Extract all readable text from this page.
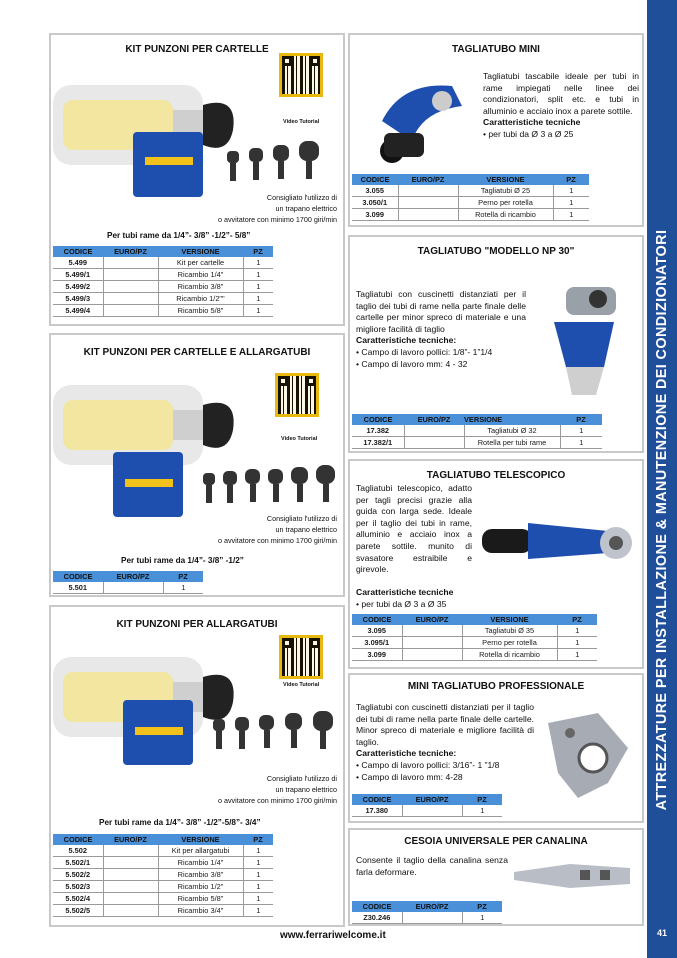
ATTREZZATURE PER INSTALLAZIONE & MANUTENZIONE DEI CONDIZIONATORI
41
KIT PUNZONI PER CARTELLE
Video Tutorial
Consigliato l'utilizzo di
un trapano elettrico
o avvitatore con minimo 1700 giri/min
Per tubi rame da 1/4”- 3/8” -1/2”- 5/8”
CODICE	EURO/PZ	VERSIONE	PZ
5.499		Kit per cartelle	1
5.499/1		Ricambio 1/4"	1
5.499/2		Ricambio 3/8"	1
5.499/3		Ricambio 1/2""	1
5.499/4		Ricambio 5/8"	1
KIT PUNZONI PER CARTELLE E ALLARGATUBI
Video Tutorial
Consigliato l'utilizzo di
un trapano elettrico
o avvitatore con minimo 1700 giri/min
Per tubi rame da 1/4”- 3/8” -1/2”
CODICE	EURO/PZ	PZ
5.501		1
KIT PUNZONI PER ALLARGATUBI
Video Tutorial
Consigliato l'utilizzo di
un trapano elettrico
o avvitatore con minimo 1700 giri/min
Per tubi rame da 1/4”- 3/8” -1/2”-5/8”- 3/4”
CODICE	EURO/PZ	VERSIONE	PZ
5.502		Kit per allargatubi	1
5.502/1		Ricambio 1/4"	1
5.502/2		Ricambio 3/8"	1
5.502/3		Ricambio 1/2"	1
5.502/4		Ricambio 5/8"	1
5.502/5		Ricambio 3/4"	1
TAGLIATUBO MINI
Tagliatubi tascabile ideale per tubi in rame impiegati nelle linee dei condizionatori, split etc. e tubi in alluminio e acciaio inox a parete sottile.
Caratteristiche tecniche
• per tubi da Ø 3 a Ø 25
CODICE	EURO/PZ	VERSIONE	PZ
3.055		Tagliatubi Ø 25	1
3.050/1		Perno per rotella	1
3.099		Rotella di ricambio	1
TAGLIATUBO "MODELLO NP 30"
Tagliatubi con cuscinetti distanziati per il taglio dei tubi di rame nella parte finale delle cartelle per minor spreco di materiale e una migliore facilità di taglio
Caratteristiche tecniche:
• Campo di lavoro pollici: 1/8”- 1”1/4
• Campo di lavoro mm: 4 - 32
CODICE	EURO/PZ	VERSIONE	PZ
17.382		Tagliatubi Ø 32	1
17.382/1		Rotella per tubi rame	1
TAGLIATUBO TELESCOPICO
Tagliatubi telescopico, adatto per tagli precisi grazie alla guida con larga sede. Ideale per il taglio dei tubi in rame, alluminio e acciaio inox a parete sottile. munito di svasatore estraibile e girevole.
Caratteristiche tecniche
• per tubi da Ø 3 a Ø 35
CODICE	EURO/PZ	VERSIONE	PZ
3.095		Tagliatubi Ø 35	1
3.095/1		Perno per rotella	1
3.099		Rotella di ricambio	1
MINI TAGLIATUBO PROFESSIONALE
Tagliatubi con cuscinetti distanziati per il taglio dei tubi di rame nella parte finale delle cartelle. Minor spreco di materiale e migliore facilità di taglio.
Caratteristiche tecniche:
• Campo di lavoro pollici: 3/16”- 1 ”1/8
• Campo di lavoro mm: 4-28
CODICE	EURO/PZ	PZ
17.380		1
CESOIA UNIVERSALE PER CANALINA
Consente il taglio della canalina senza farla deformare.
CODICE	EURO/PZ	PZ
Z30.246		1
www.ferrariwelcome.it
